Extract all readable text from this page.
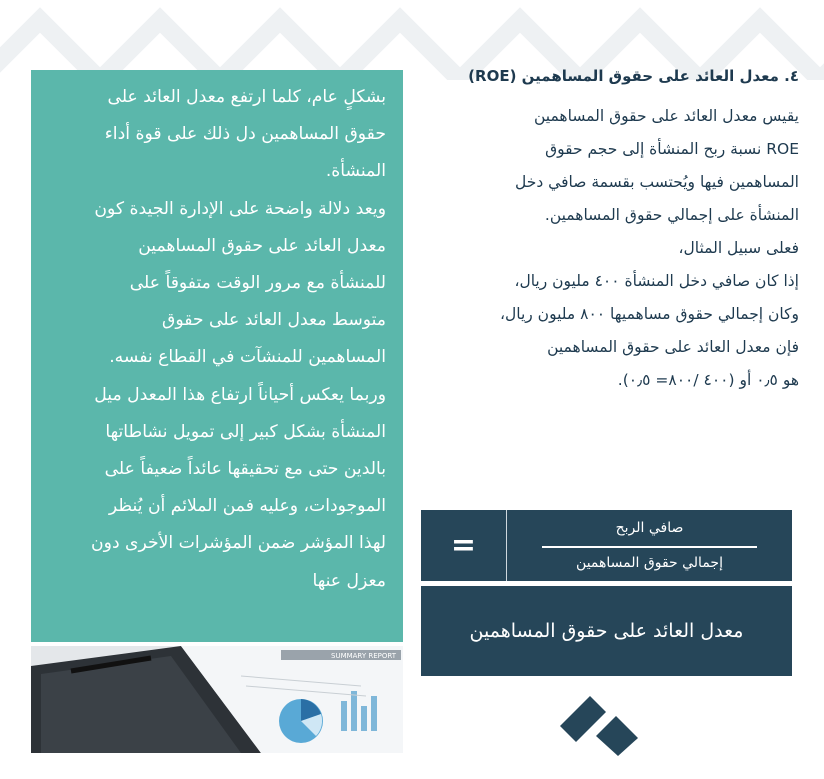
بشكلٍ عام، كلما ارتفع معدل العائد على
حقوق المساهمين دل ذلك على قوة أداء
المنشأة.
ويعد دلالة واضحة على الإدارة الجيدة كون
معدل العائد على حقوق المساهمين
للمنشأة مع مرور الوقت متفوقاً على
متوسط معدل العائد على حقوق
المساهمين للمنشآت في القطاع نفسه.
وربما يعكس أحياناً ارتفاع هذا المعدل ميل
المنشأة بشكل كبير إلى تمويل نشاطاتها
بالدين حتى مع تحقيقها عائداً ضعيفاً على
الموجودات، وعليه فمن الملائم أن يُنظر
لهذا المؤشر ضمن المؤشرات الأخرى دون
معزل عنها
SUMMARY REPORT
٤. معدل العائد على حقوق المساهمين (ROE)
يقيس معدل العائد على حقوق المساهمين
ROE نسبة ربح المنشأة إلى حجم حقوق
المساهمين فيها ويُحتسب بقسمة صافي دخل
المنشأة على إجمالي حقوق المساهمين.
فعلى سبيل المثال،
إذا كان صافي دخل المنشأة ٤٠٠ مليون ريال،
وكان إجمالي حقوق مساهميها ٨٠٠ مليون ريال،
فإن معدل العائد على حقوق المساهمين
هو ٠٫٥ أو (٤٠٠ /٨٠٠= ٠٫٥).
=	صافي الربح
إجمالي حقوق المساهمين
معدل العائد على حقوق المساهمين
